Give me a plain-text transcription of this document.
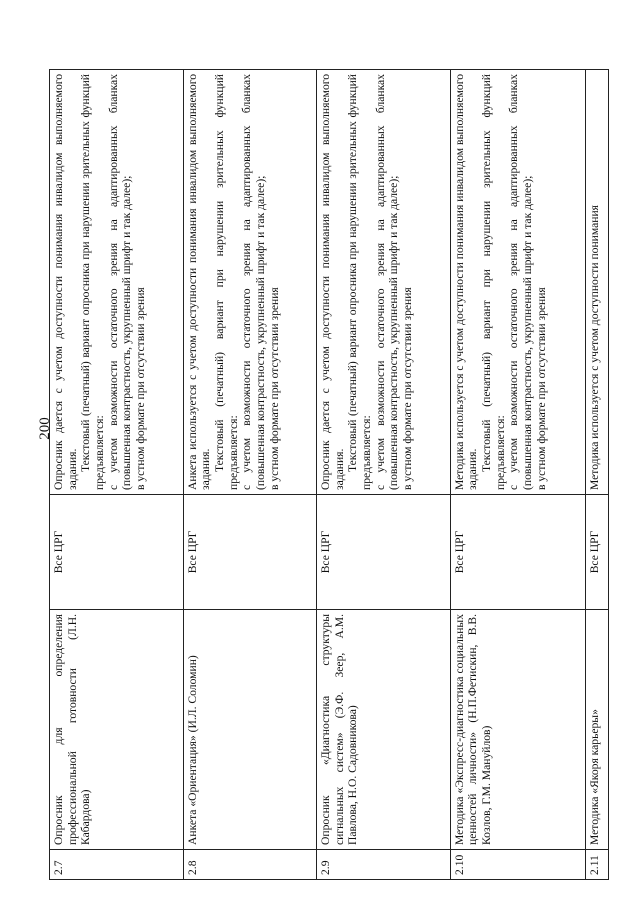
200
2.7	Опросник для определения профессиональной готовности (Л.Н. Кабардова)	Все ЦРГ	Опросник дается с учетом доступности понимания инвалидом выполняемого задания. Текстовый (печатный) вариант опросника при нарушении зрительных функций предъявляется: с учетом возможности остаточного зрения на адаптированных бланках (повышенная контрастность, укрупненный шрифт и так далее); в устном формате при отсутствии зрения

2.8	Анкета «Ориентация» (И.Л. Соломин)	Все ЦРГ	Анкета используется с учетом доступности понимания инвалидом выполняемого задания. Текстовый (печатный) вариант при нарушении зрительных функций предъявляется: с учетом возможности остаточного зрения на адаптированных бланках (повышенная контрастность, укрупненный шрифт и так далее); в устном формате при отсутствии зрения

2.9	Опросник «Диагностика структуры сигнальных систем» (Э.Ф. Зеер, А.М. Павлова, Н.О. Садовникова)	Все ЦРГ	Опросник дается с учетом доступности понимания инвалидом выполняемого задания. Текстовый (печатный) вариант опросника при нарушении зрительных функций предъявляется: с учетом возможности остаточного зрения на адаптированных бланках (повышенная контрастность, укрупненный шрифт и так далее); в устном формате при отсутствии зрения

2.10	Методика «Экспресс-диагностика социальных ценностей личности» (Н.П.Фетискин, В.В. Козлов, Г.М. Мануйлов)	Все ЦРГ	Методика используется с учетом доступности понимания инвалидом выполняемого задания. Текстовый (печатный) вариант при нарушении зрительных функций предъявляется: с учетом возможности остаточного зрения на адаптированных бланках (повышенная контрастность, укрупненный шрифт и так далее); в устном формате при отсутствии зрения

2.11	Методика «Якоря карьеры»	Все ЦРГ	Методика используется с учетом доступности понимания
